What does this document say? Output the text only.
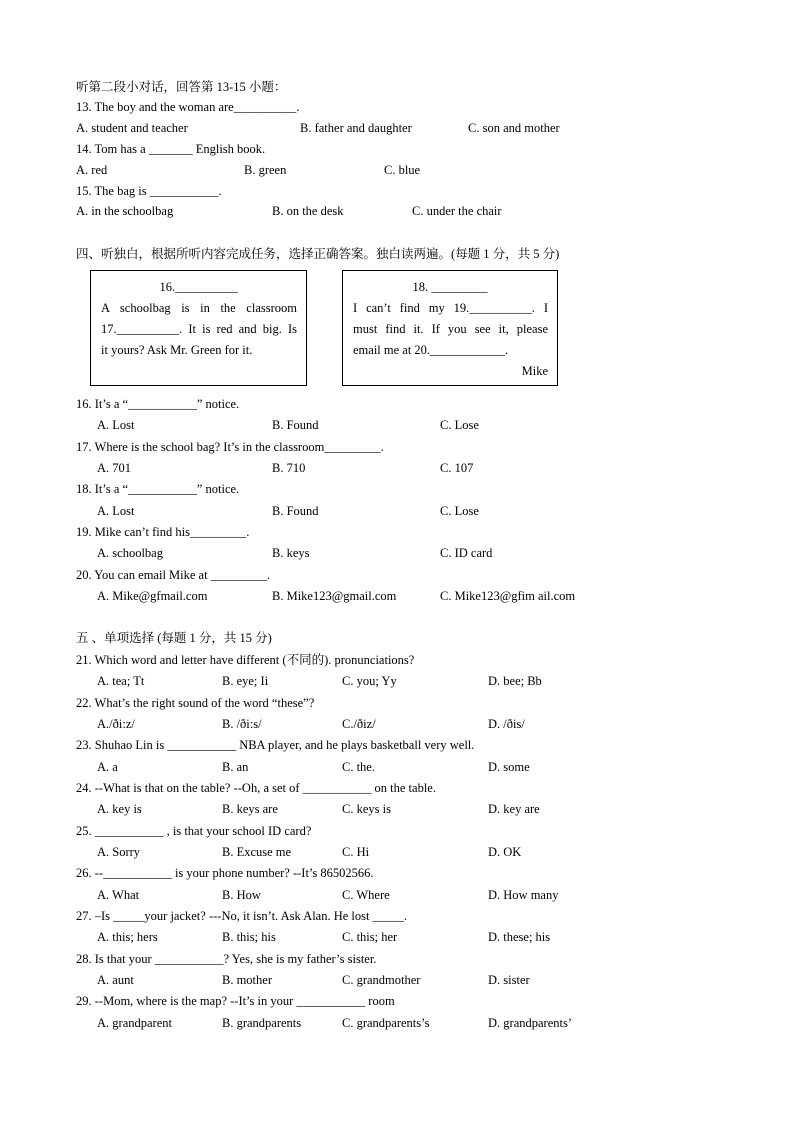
听第二段小对话，回答第 13-15 小题：
13. The boy and the woman are__________.
A. student and teacher	B. father and daughter	C. son and mother
14. Tom has a _______ English book.
A. red	B. green	C. blue
15. The bag is ___________.
A. in the schoolbag	B. on the desk	C. under the chair
四、听独白，根据所听内容完成任务，选择正确答案。独白读两遍。(每题 1 分，共 5 分)
16.__________
A schoolbag is in the classroom
17.__________. It is red and big. Is
it yours? Ask Mr. Green for it.
18. _________
I can’t find my 19.__________. I
must find it. If you see it, please
email me at 20.____________.
Mike
16. It’s a “___________” notice.
A. Lost	B. Found	C. Lose
17. Where is the school bag? It’s in the classroom_________.
A. 701	B. 710	C. 107
18. It’s a “___________” notice.
A. Lost	B. Found	C. Lose
19. Mike can’t find his_________.
A. schoolbag	B. keys	C. ID card
20. You can email Mike at _________.
A. Mike@gfmail.com	B. Mike123@gmail.com	C. Mike123@gfim ail.com
五 、单项选择 (每题 1 分，共 15 分)
21. Which word and letter have different (不同的). pronunciations?
A. tea; Tt	B. eye; Ii	C. you; Yy	D. bee; Bb
22. What’s the right sound of the word “these”?
A./ði:z/	B. /ði:s/	C./ðiz/	D. /ðis/
23. Shuhao Lin is ___________ NBA player, and he plays basketball very well.
A. a	B. an	C. the.	D. some
24. --What is that on the table? --Oh, a set of ___________ on the table.
A. key is	B. keys are	C. keys is	D. key are
25. ___________ , is that your school ID card?
A. Sorry	B. Excuse me	C. Hi	D. OK
26. --___________ is your phone number? --It’s 86502566.
A. What	B. How	C. Where	D. How many
27. –Is _____your jacket? ---No, it isn’t. Ask Alan. He lost _____.
A. this; hers	B. this; his	C. this; her	D. these; his
28. Is that your ___________? Yes, she is my father’s sister.
A. aunt	B. mother	C. grandmother	D. sister
29. --Mom, where is the map? --It’s in your ___________ room
A. grandparent	B. grandparents	C. grandparents’s	D. grandparents’
